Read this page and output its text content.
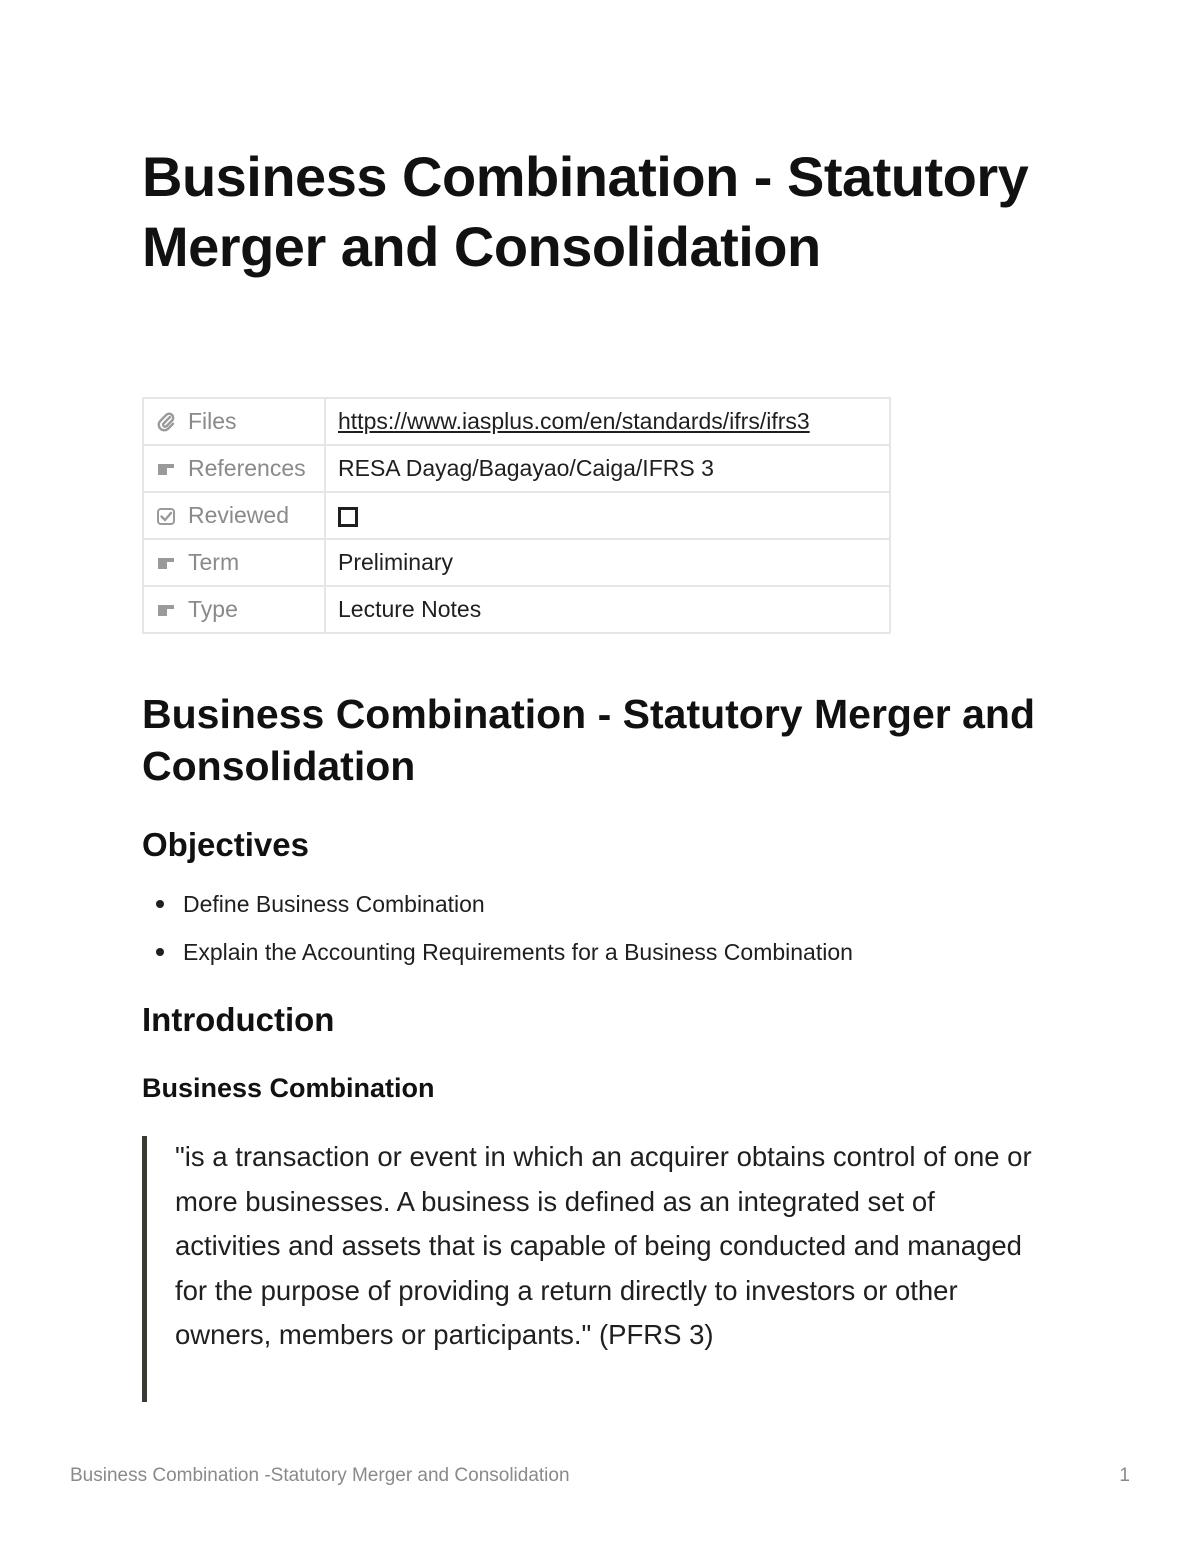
Business Combination - Statutory Merger and Consolidation
Files	https://www.iasplus.com/en/standards/ifrs/ifrs3

References	RESA Dayag/Bagayao/Caiga/IFRS 3

Reviewed	

Term	Preliminary

Type	Lecture Notes
Business Combination - Statutory Merger and Consolidation
Objectives
Define Business Combination
Explain the Accounting Requirements for a Business Combination
Introduction
Business Combination

"is a transaction or event in which an acquirer obtains control of one or more businesses. A business is defined as an integrated set of activities and assets that is capable of being conducted and managed for the purpose of providing a return directly to investors or other owners, members or participants." (PFRS 3)

Business Combination -Statutory Merger and Consolidation	1
